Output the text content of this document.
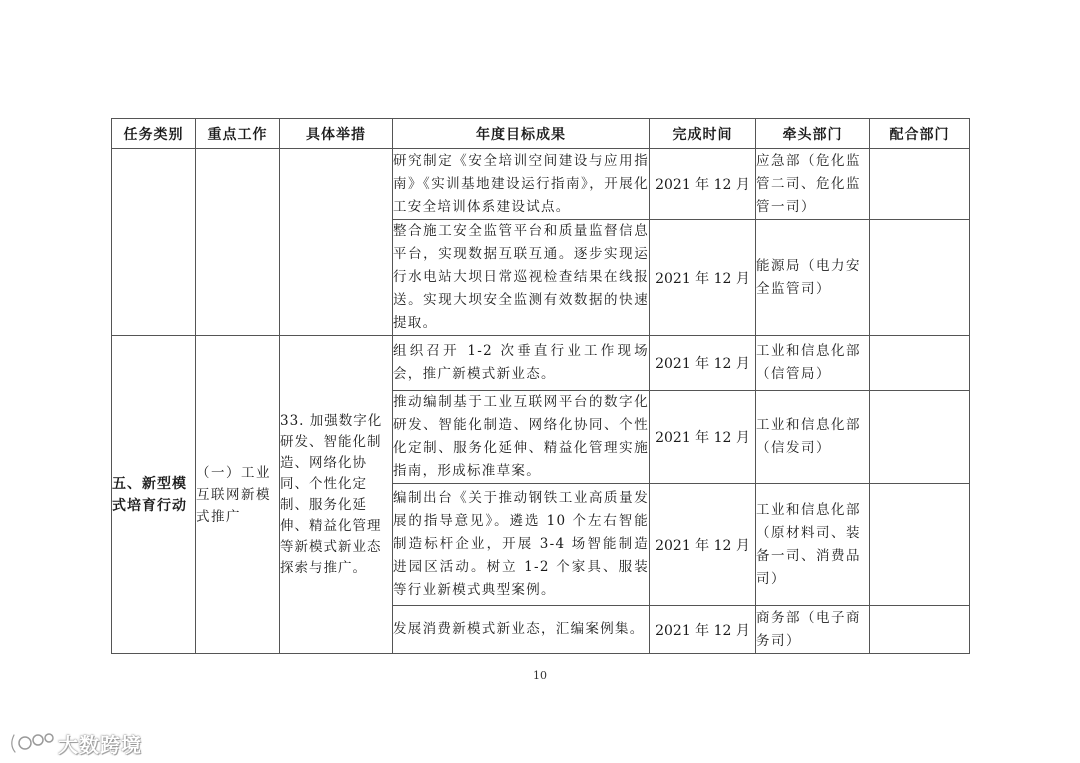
任务类别	重点工作	具体举措	年度目标成果	完成时间	牵头部门	配合部门
			研究制定《安全培训空间建设与应用指南》《实训基地建设运行指南》，开展化工安全培训体系建设试点。	2021 年 12 月	应急部（危化监管二司、危化监管一司）	
			整合施工安全监管平台和质量监督信息平台，实现数据互联互通。逐步实现运行水电站大坝日常巡视检查结果在线报送。实现大坝安全监测有效数据的快速提取。	2021 年 12 月	能源局（电力安全监管司）	
五、新型模式培育行动	（一）工业互联网新模式推广	33. 加强数字化研发、智能化制造、网络化协同、个性化定制、服务化延伸、精益化管理等新模式新业态探索与推广。	组织召开 1-2 次垂直行业工作现场会，推广新模式新业态。	2021 年 12 月	工业和信息化部（信管局）	
			推动编制基于工业互联网平台的数字化研发、智能化制造、网络化协同、个性化定制、服务化延伸、精益化管理实施指南，形成标准草案。	2021 年 12 月	工业和信息化部（信发司）	
			编制出台《关于推动钢铁工业高质量发展的指导意见》。遴选 10 个左右智能制造标杆企业，开展 3-4 场智能制造进园区活动。树立 1-2 个家具、服装等行业新模式典型案例。	2021 年 12 月	工业和信息化部（原材料司、装备一司、消费品司）	
			发展消费新模式新业态，汇编案例集。	2021 年 12 月	商务部（电子商务司）	
10
大数跨境
